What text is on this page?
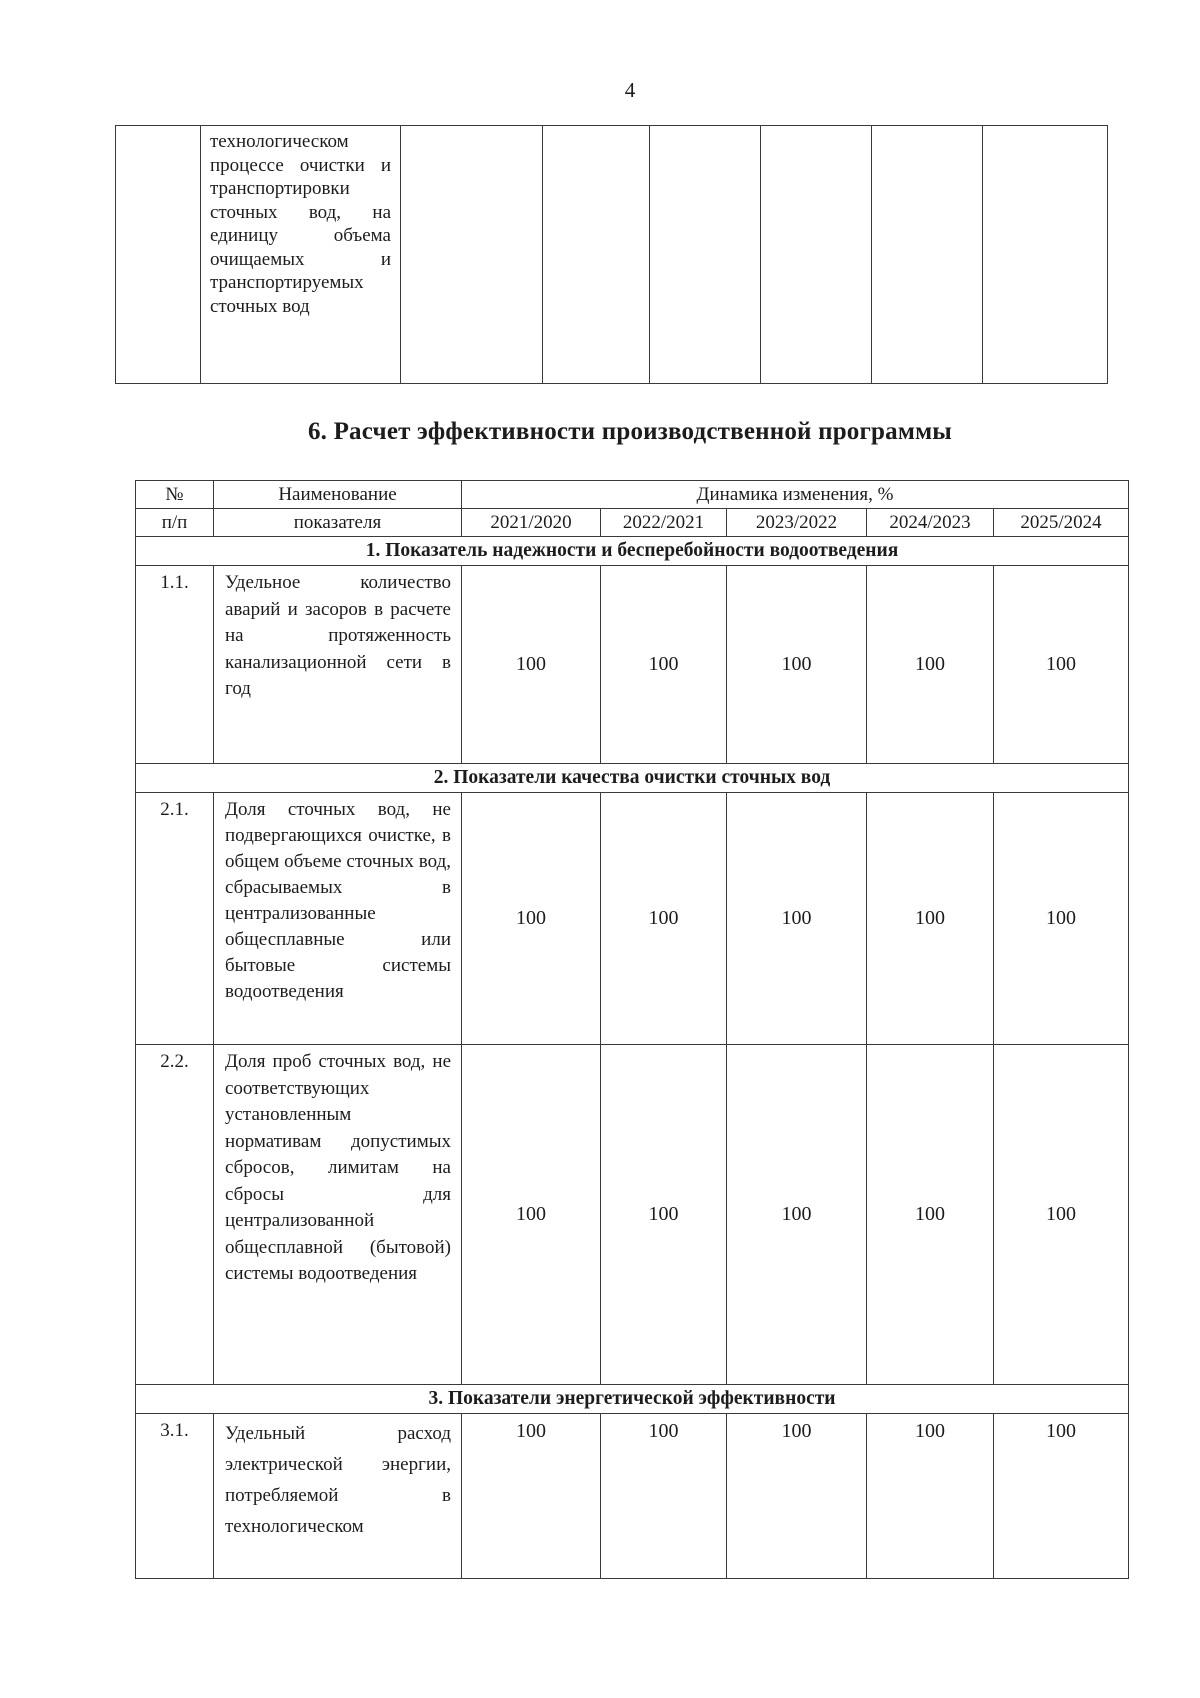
4
	технологическом процессе очистки и транспортировки сточных вод, на единицу объема очищаемых и транспортируемых сточных вод						
6. Расчет эффективности производственной программы
№	Наименование	Динамика изменения, %				
п/п	показателя	2021/2020	2022/2021	2023/2022	2024/2023	2025/2024
1. Показатель надежности и бесперебойности водоотведения						
1.1.	Удельное количество аварий и засоров в расчете на протяженность канализационной сети в год	100	100	100	100	100
2. Показатели качества очистки сточных вод						
2.1.	Доля сточных вод, не подвергающихся очистке, в общем объеме сточных вод, сбрасываемых в централизованные общесплавные или бытовые системы водоотведения	100	100	100	100	100
2.2.	Доля проб сточных вод, не соответствующих установленным нормативам допустимых сбросов, лимитам на сбросы для централизованной общесплавной (бытовой) системы водоотведения	100	100	100	100	100
3. Показатели энергетической эффективности						
3.1.	Удельный расход электрической энергии, потребляемой в технологическом	100	100	100	100	100
